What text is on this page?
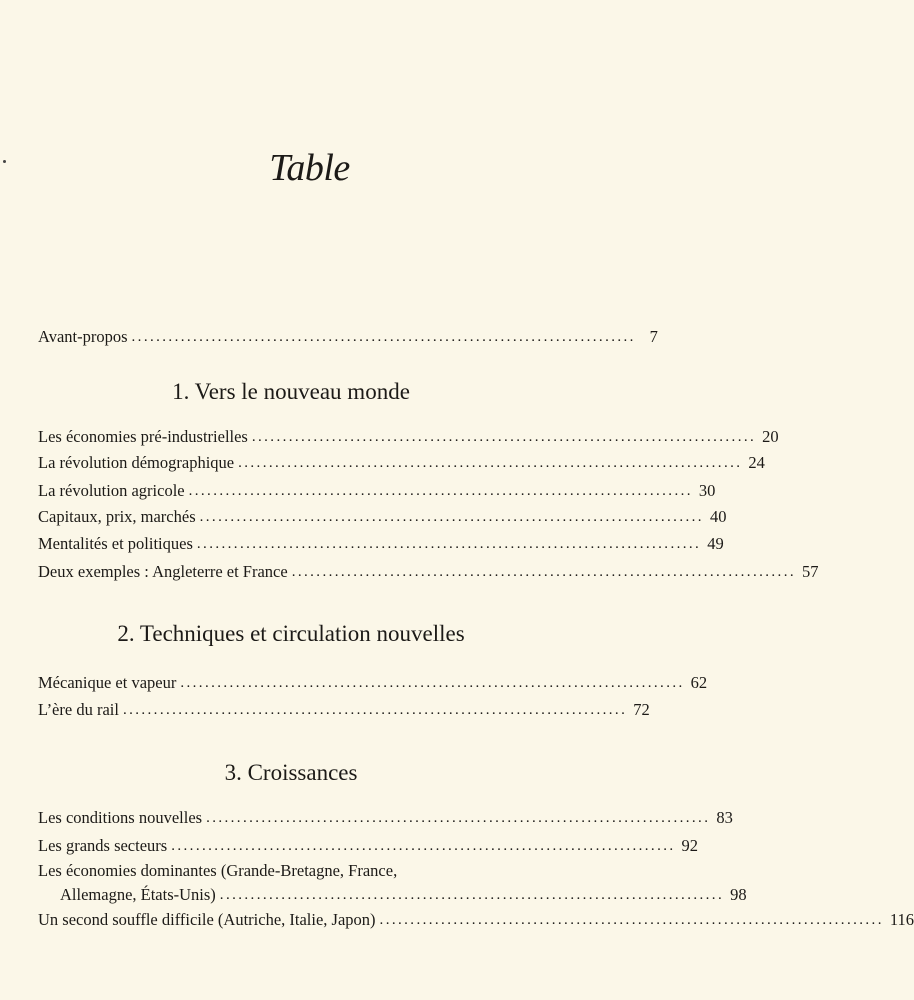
Table
Avant-propos .................................................................................. 7
1. Vers le nouveau monde
Les économies pré-industrielles .................................................................................. 20
La révolution démographique .................................................................................. 24
La révolution agricole .................................................................................. 30
Capitaux, prix, marchés .................................................................................. 40
Mentalités et politiques .................................................................................. 49
Deux exemples : Angleterre et France .................................................................................. 57
2. Techniques et circulation nouvelles
Mécanique et vapeur .................................................................................. 62
L’ère du rail .................................................................................. 72
3. Croissances
Les conditions nouvelles .................................................................................. 83
Les grands secteurs .................................................................................. 92
Les économies dominantes (Grande-Bretagne, France,
Allemagne, États-Unis) .................................................................................. 98
Un second souffle difficile (Autriche, Italie, Japon) .................................................................................. 116
